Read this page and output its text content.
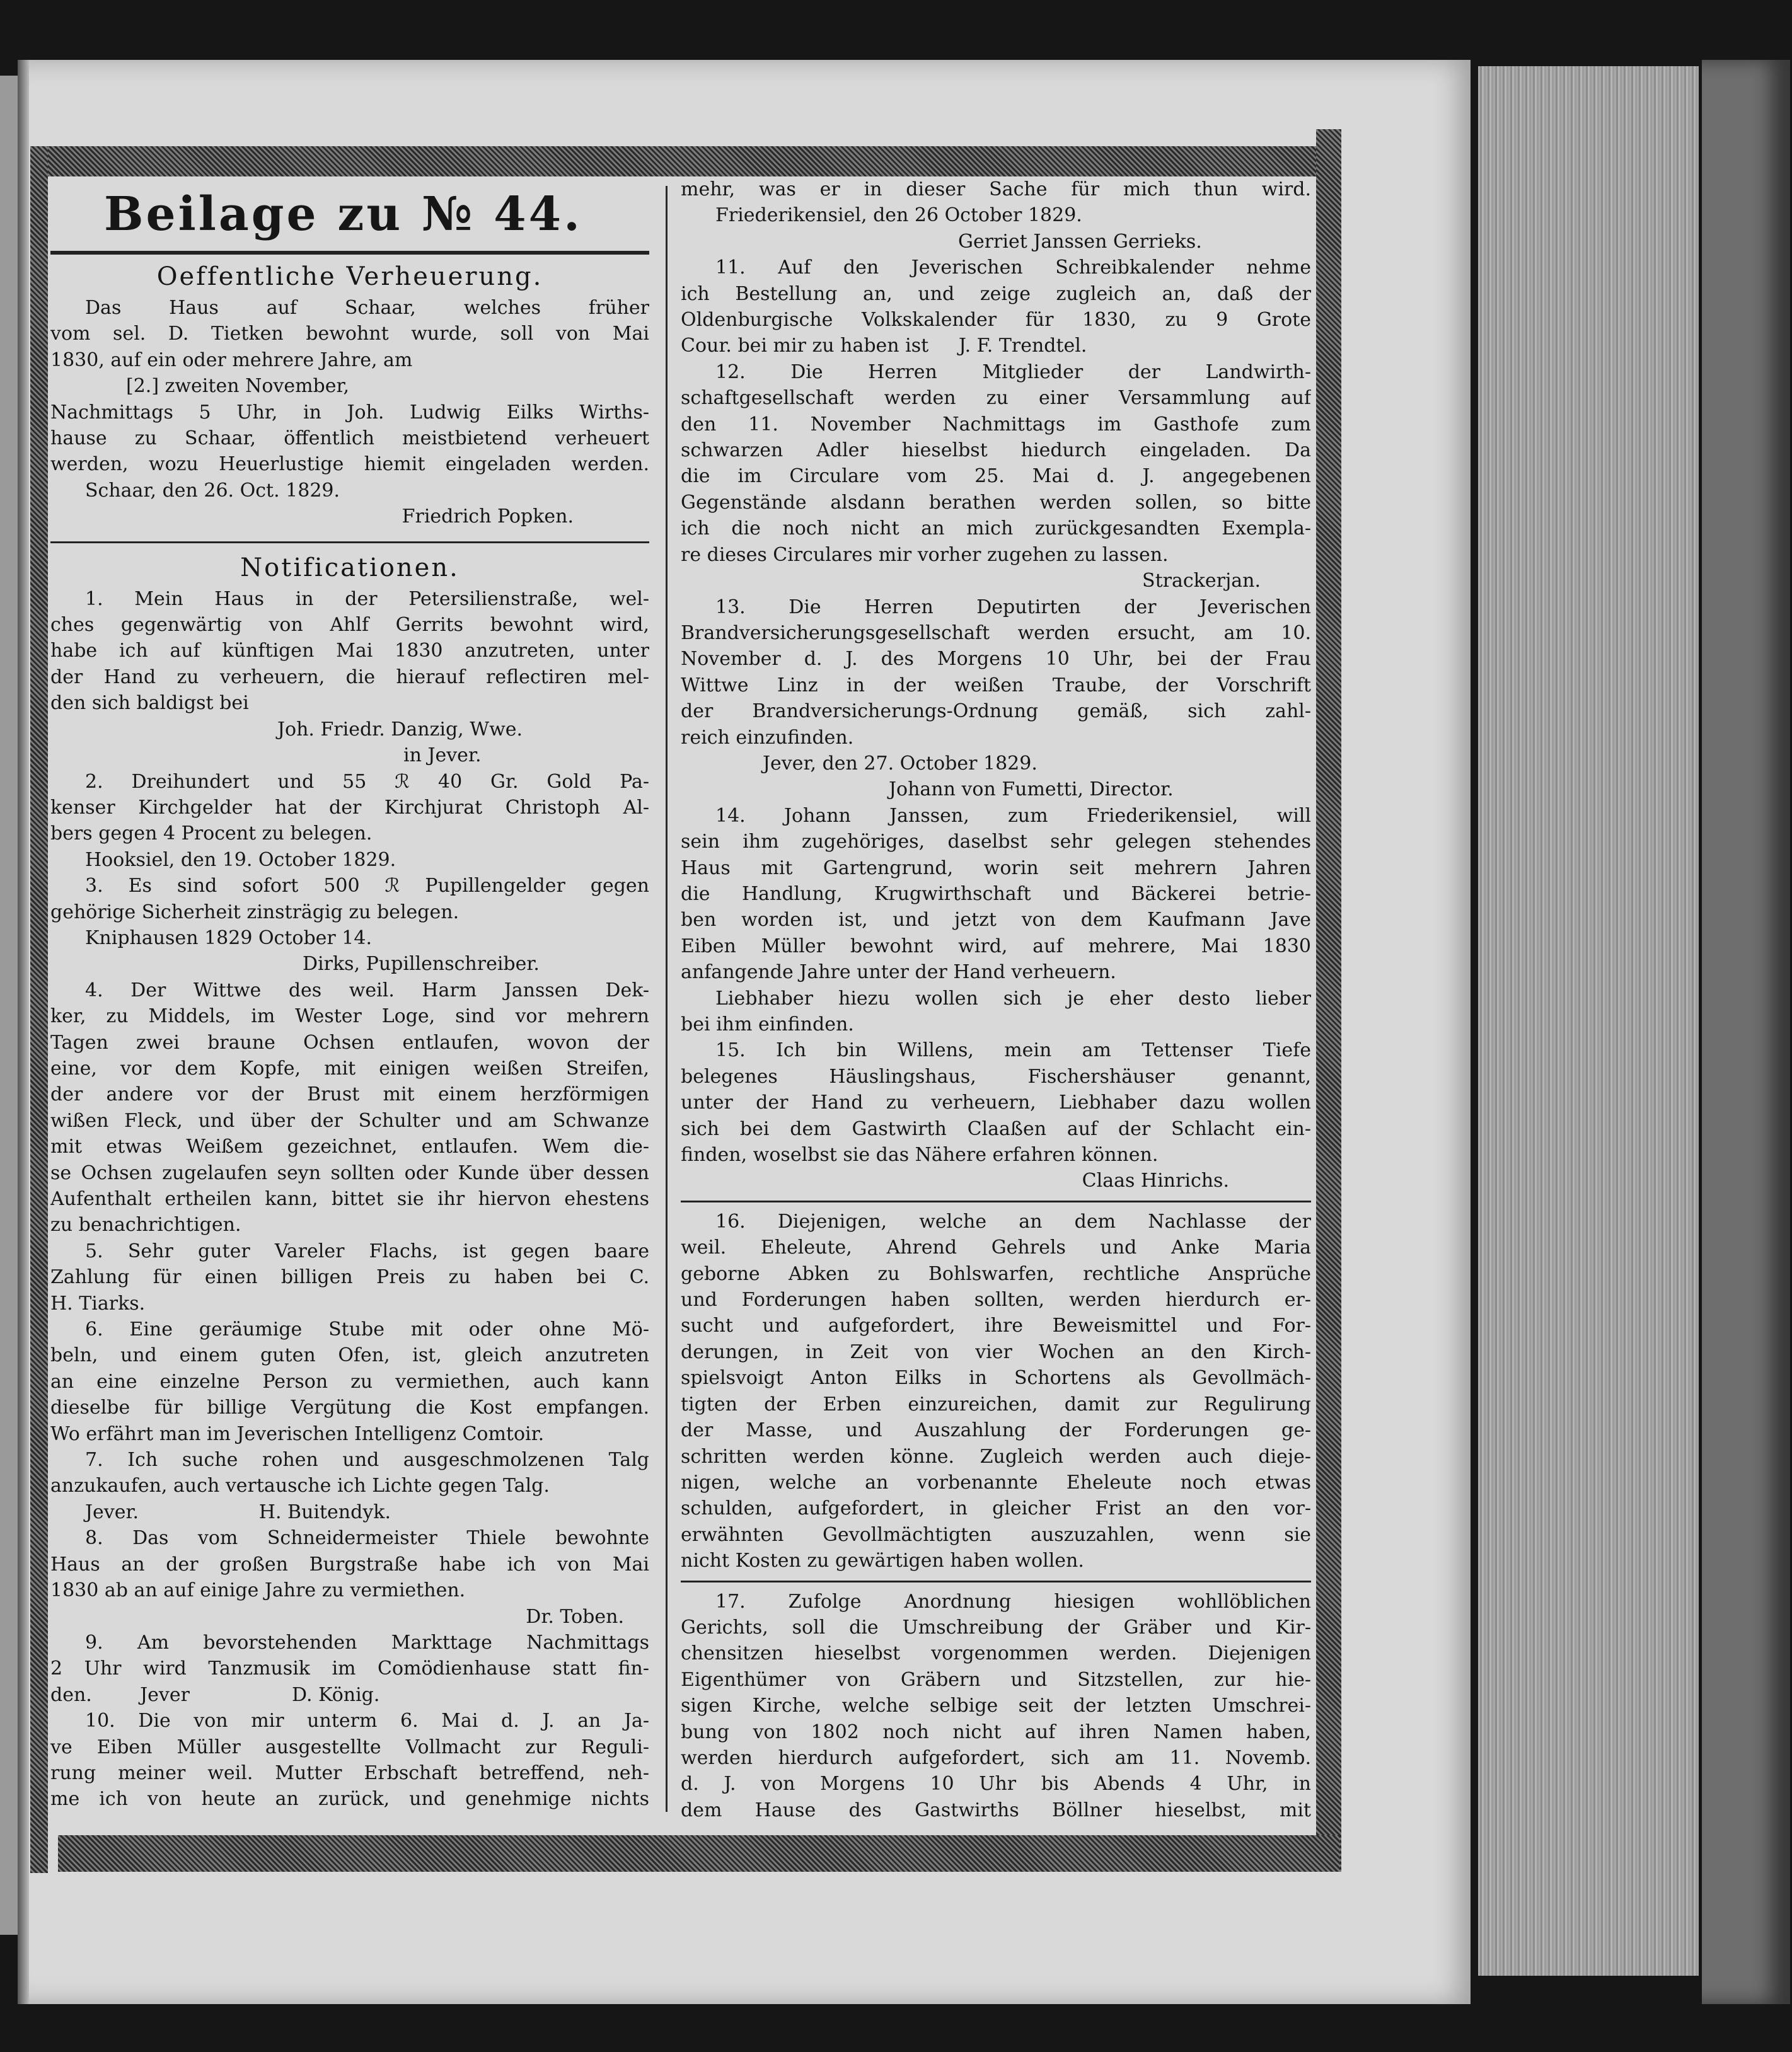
Beilage zu № 44.
Oeffentliche Verheuerung.
Das Haus auf Schaar, welches früher
vom sel. D. Tietken bewohnt wurde, soll von Mai
1830, auf ein oder mehrere Jahre, am
[2.] zweiten November,
Nachmittags 5 Uhr, in Joh. Ludwig Eilks Wirths-
hause zu Schaar, öffentlich meistbietend verheuert
werden, wozu Heuerlustige hiemit eingeladen werden.
Schaar, den 26. Oct. 1829.
Friedrich Popken.
Notificationen.
1. Mein Haus in der Petersilienstraße, wel-
ches gegenwärtig von Ahlf Gerrits bewohnt wird,
habe ich auf künftigen Mai 1830 anzutreten, unter
der Hand zu verheuern, die hierauf reflectiren mel-
den sich baldigst bei
Joh. Friedr. Danzig, Wwe.
in Jever.
2. Dreihundert und 55 ℛ 40 Gr. Gold Pa-
kenser Kirchgelder hat der Kirchjurat Christoph Al-
bers gegen 4 Procent zu belegen.
Hooksiel, den 19. October 1829.
3. Es sind sofort 500 ℛ Pupillengelder gegen
gehörige Sicherheit zinsträgig zu belegen.
Kniphausen 1829 October 14.
Dirks, Pupillenschreiber.
4. Der Wittwe des weil. Harm Janssen Dek-
ker, zu Middels, im Wester Loge, sind vor mehrern
Tagen zwei braune Ochsen entlaufen, wovon der
eine, vor dem Kopfe, mit einigen weißen Streifen,
der andere vor der Brust mit einem herzförmigen
wißen Fleck, und über der Schulter und am Schwanze
mit etwas Weißem gezeichnet, entlaufen. Wem die-
se Ochsen zugelaufen seyn sollten oder Kunde über dessen
Aufenthalt ertheilen kann, bittet sie ihr hiervon ehestens
zu benachrichtigen.
5. Sehr guter Vareler Flachs, ist gegen baare
Zahlung für einen billigen Preis zu haben bei C.
H. Tiarks.
6. Eine geräumige Stube mit oder ohne Mö-
beln, und einem guten Ofen, ist, gleich anzutreten
an eine einzelne Person zu vermiethen, auch kann
dieselbe für billige Vergütung die Kost empfangen.
Wo erfährt man im Jeverischen Intelligenz Comtoir.
7. Ich suche rohen und ausgeschmolzenen Talg
anzukaufen, auch vertausche ich Lichte gegen Talg.
Jever.                    H. Buitendyk.
8. Das vom Schneidermeister Thiele bewohnte
Haus an der großen Burgstraße habe ich von Mai
1830 ab an auf einige Jahre zu vermiethen.
Dr. Toben.
9. Am bevorstehenden Markttage Nachmittags
2 Uhr wird Tanzmusik im Comödienhause statt fin-
den.        Jever                 D. König.
10. Die von mir unterm 6. Mai d. J. an Ja-
ve Eiben Müller ausgestellte Vollmacht zur Reguli-
rung meiner weil. Mutter Erbschaft betreffend, neh-
me ich von heute an zurück, und genehmige nichts
mehr, was er in dieser Sache für mich thun wird.
Friederikensiel, den 26 October 1829.
Gerriet Janssen Gerrieks.
11. Auf den Jeverischen Schreibkalender nehme
ich Bestellung an, und zeige zugleich an, daß der
Oldenburgische Volkskalender für 1830, zu 9 Grote
Cour. bei mir zu haben ist     J. F. Trendtel.
12. Die Herren Mitglieder der Landwirth-
schaftgesellschaft werden zu einer Versammlung auf
den 11. November Nachmittags im Gasthofe zum
schwarzen Adler hieselbst hiedurch eingeladen. Da
die im Circulare vom 25. Mai d. J. angegebenen
Gegenstände alsdann berathen werden sollen, so bitte
ich die noch nicht an mich zurückgesandten Exempla-
re dieses Circulares mir vorher zugehen zu lassen.
Strackerjan.
13. Die Herren Deputirten der Jeverischen
Brandversicherungsgesellschaft werden ersucht, am 10.
November d. J. des Morgens 10 Uhr, bei der Frau
Wittwe Linz in der weißen Traube, der Vorschrift
der Brandversicherungs-Ordnung gemäß, sich zahl-
reich einzufinden.
Jever, den 27. October 1829.
Johann von Fumetti, Director.
14. Johann Janssen, zum Friederikensiel, will
sein ihm zugehöriges, daselbst sehr gelegen stehendes
Haus mit Gartengrund, worin seit mehrern Jahren
die Handlung, Krugwirthschaft und Bäckerei betrie-
ben worden ist, und jetzt von dem Kaufmann Jave
Eiben Müller bewohnt wird, auf mehrere, Mai 1830
anfangende Jahre unter der Hand verheuern.
Liebhaber hiezu wollen sich je eher desto lieber
bei ihm einfinden.
15. Ich bin Willens, mein am Tettenser Tiefe
belegenes Häuslingshaus, Fischershäuser genannt,
unter der Hand zu verheuern, Liebhaber dazu wollen
sich bei dem Gastwirth Claaßen auf der Schlacht ein-
finden, woselbst sie das Nähere erfahren können.
Claas Hinrichs.
16. Diejenigen, welche an dem Nachlasse der
weil. Eheleute, Ahrend Gehrels und Anke Maria
geborne Abken zu Bohlswarfen, rechtliche Ansprüche
und Forderungen haben sollten, werden hierdurch er-
sucht und aufgefordert, ihre Beweismittel und For-
derungen, in Zeit von vier Wochen an den Kirch-
spielsvoigt Anton Eilks in Schortens als Gevollmäch-
tigten der Erben einzureichen, damit zur Regulirung
der Masse, und Auszahlung der Forderungen ge-
schritten werden könne. Zugleich werden auch dieje-
nigen, welche an vorbenannte Eheleute noch etwas
schulden, aufgefordert, in gleicher Frist an den vor-
erwähnten Gevollmächtigten auszuzahlen, wenn sie
nicht Kosten zu gewärtigen haben wollen.
17. Zufolge Anordnung hiesigen wohllöblichen
Gerichts, soll die Umschreibung der Gräber und Kir-
chensitzen hieselbst vorgenommen werden. Diejenigen
Eigenthümer von Gräbern und Sitzstellen, zur hie-
sigen Kirche, welche selbige seit der letzten Umschrei-
bung von 1802 noch nicht auf ihren Namen haben,
werden hierdurch aufgefordert, sich am 11. Novemb.
d. J. von Morgens 10 Uhr bis Abends 4 Uhr, in
dem Hause des Gastwirths Böllner hieselbst, mit
